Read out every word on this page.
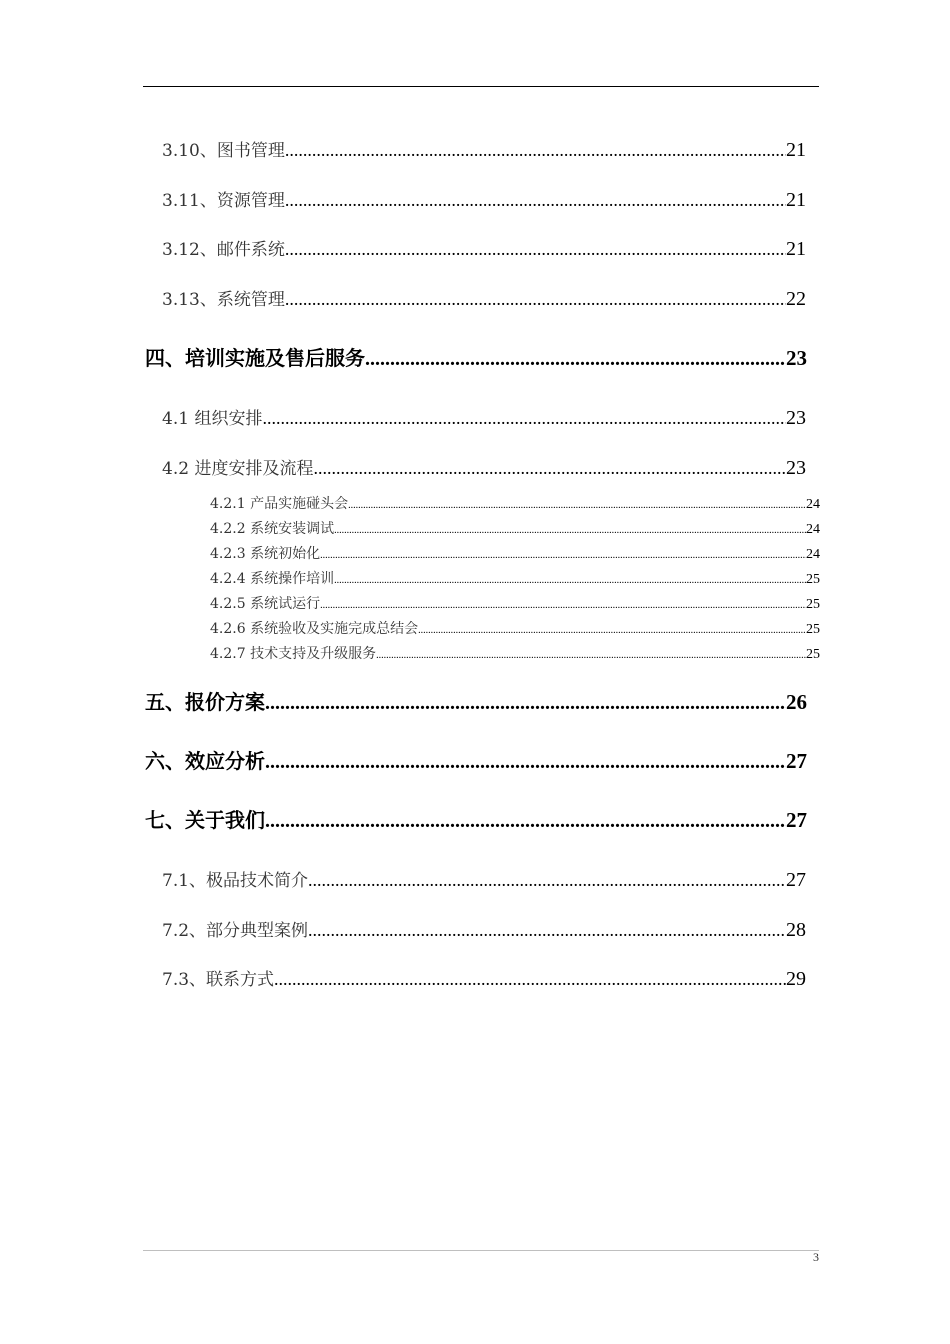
3.10、图书管理 .....	21
3.11、资源管理 .....	21
3.12、邮件系统 .....	21
3.13、系统管理 .....	22
四、培训实施及售后服务 .....	23
4.1 组织安排 .....	23
4.2 进度安排及流程 .....	23
4.2.1 产品实施碰头会 .....	24
4.2.2 系统安装调试 .....	24
4.2.3 系统初始化 .....	24
4.2.4 系统操作培训 .....	25
4.2.5 系统试运行 .....	25
4.2.6 系统验收及实施完成总结会 .....	25
4.2.7 技术支持及升级服务 .....	25
五、报价方案 .....	26
六、效应分析 .....	27
七、关于我们 .....	27
7.1、极品技术简介 .....	27
7.2、部分典型案例 .....	28
7.3、联系方式 .....	29
3
